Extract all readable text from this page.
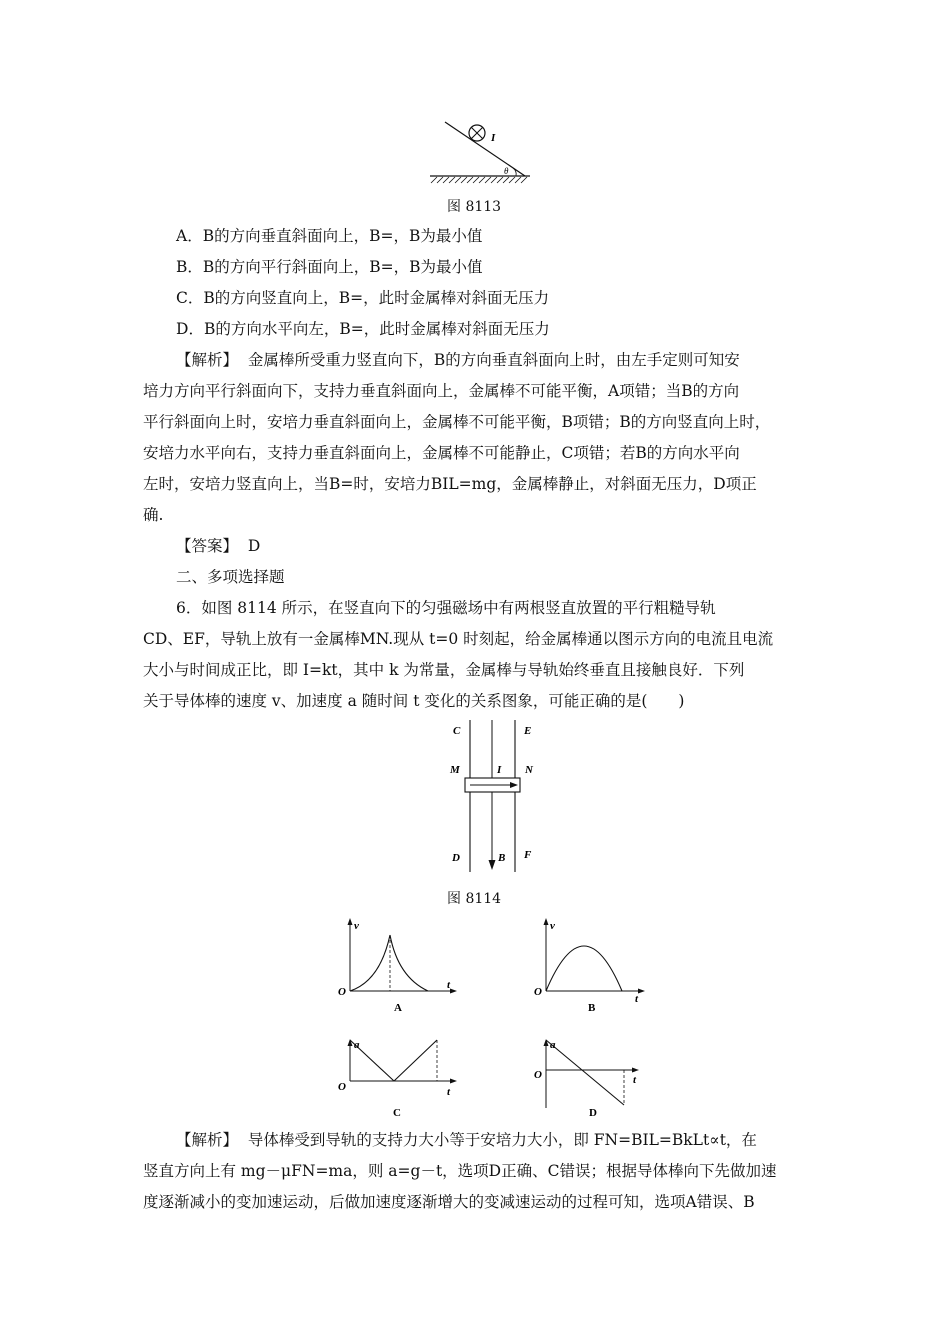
I
θ
图 8113
A．B的方向垂直斜面向上，B=，B为最小值
B．B的方向平行斜面向上，B=，B为最小值
C．B的方向竖直向上，B=，此时金属棒对斜面无压力
D．B的方向水平向左，B=，此时金属棒对斜面无压力
【解析】 金属棒所受重力竖直向下，B的方向垂直斜面向上时，由左手定则可知安
培力方向平行斜面向下，支持力垂直斜面向上，金属棒不可能平衡，A项错；当B的方向
平行斜面向上时，安培力垂直斜面向上，金属棒不可能平衡，B项错；B的方向竖直向上时，
安培力水平向右，支持力垂直斜面向上，金属棒不可能静止，C项错；若B的方向水平向
左时，安培力竖直向上，当B=时，安培力BIL=mg，金属棒静止，对斜面无压力，D项正
确.
【答案】 D
二、多项选择题
6．如图 8114 所示，在竖直向下的匀强磁场中有两根竖直放置的平行粗糙导轨
CD、EF，导轨上放有一金属棒MN.现从 t=0 时刻起，给金属棒通以图示方向的电流且电流
大小与时间成正比，即 I=kt，其中 k 为常量，金属棒与导轨始终垂直且接触良好．下列
关于导体棒的速度 v、加速度 a 随时间 t 变化的关系图象，可能正确的是(　　)
C	E
M	I N
D	B F
图 8114
v
t
O
A
v
t
O
B
a
t
O
C
a
t
O
D
【解析】 导体棒受到导轨的支持力大小等于安培力大小，即 FN=BIL=BkLt∝t，在
竖直方向上有 mg－μFN=ma，则 a=g－t，选项D正确、C错误；根据导体棒向下先做加速
度逐渐减小的变加速运动，后做加速度逐渐增大的变减速运动的过程可知，选项A错误、B
